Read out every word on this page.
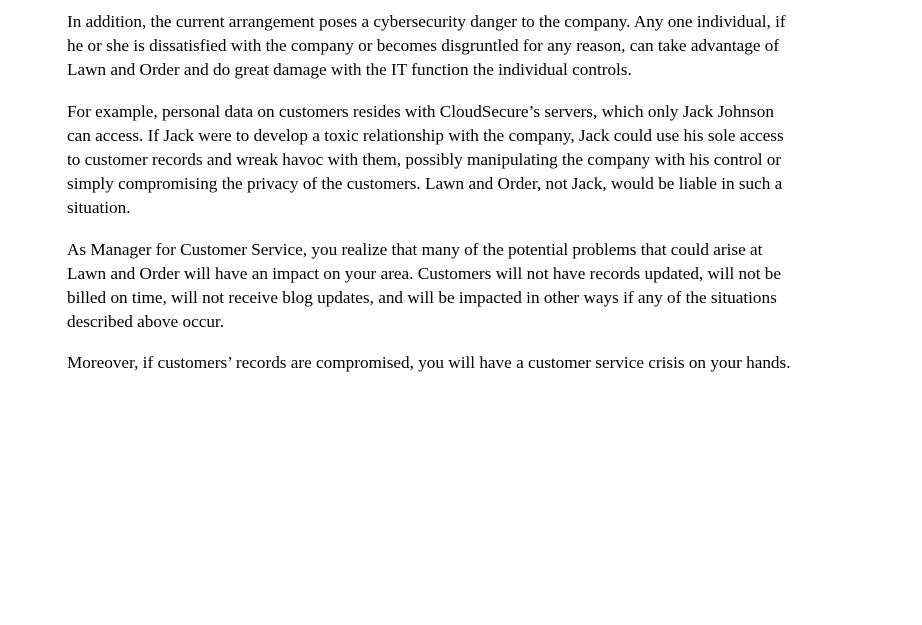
In addition, the current arrangement poses a cybersecurity danger to the company. Any one individual, if
he or she is dissatisfied with the company or becomes disgruntled for any reason, can take advantage of
Lawn and Order and do great damage with the IT function the individual controls.

For example, personal data on customers resides with CloudSecure’s servers, which only Jack Johnson
can access. If Jack were to develop a toxic relationship with the company, Jack could use his sole access
to customer records and wreak havoc with them, possibly manipulating the company with his control or
simply compromising the privacy of the customers. Lawn and Order, not Jack, would be liable in such a
situation.

As Manager for Customer Service, you realize that many of the potential problems that could arise at
Lawn and Order will have an impact on your area. Customers will not have records updated, will not be
billed on time, will not receive blog updates, and will be impacted in other ways if any of the situations
described above occur.

Moreover, if customers’ records are compromised, you will have a customer service crisis on your hands.
